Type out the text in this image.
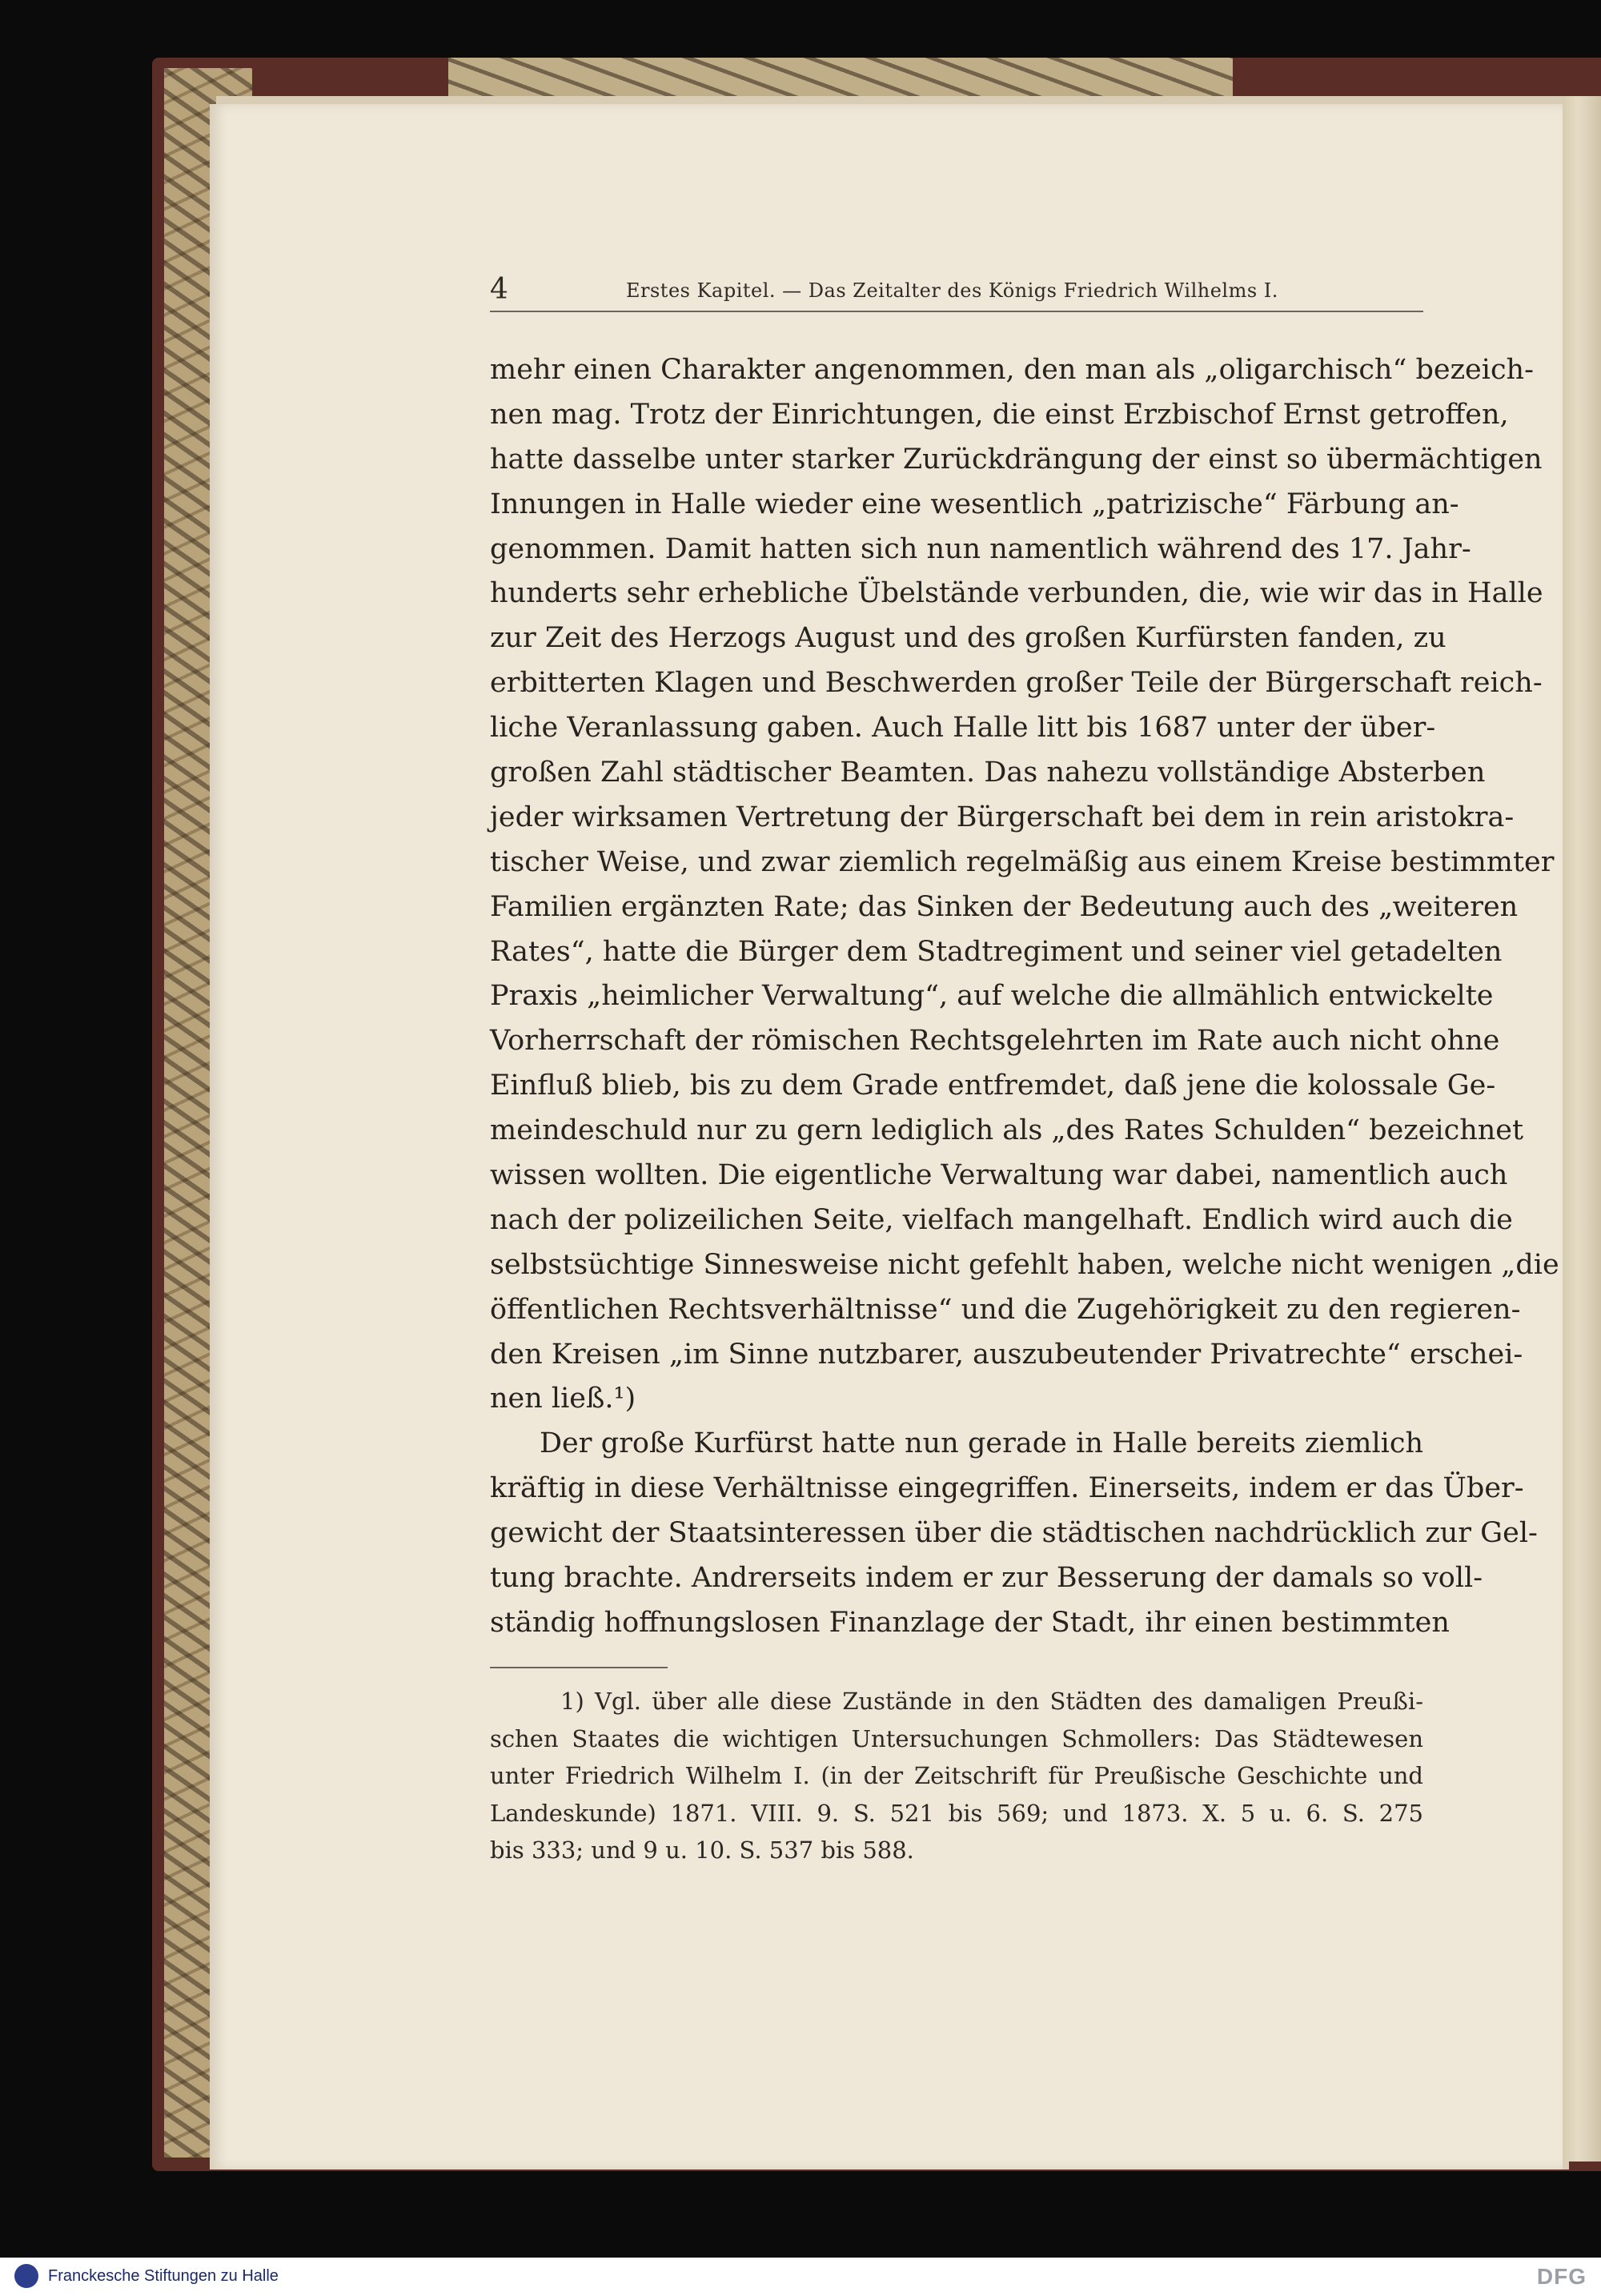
4	Erstes Kapitel. — Das Zeitalter des Königs Friedrich Wilhelms I.
mehr einen Charakter angenommen, den man als „oligarchisch“ bezeich-
nen mag. Trotz der Einrichtungen, die einst Erzbischof Ernst getroffen,
hatte dasselbe unter starker Zurückdrängung der einst so übermächtigen
Innungen in Halle wieder eine wesentlich „patrizische“ Färbung an-
genommen. Damit hatten sich nun namentlich während des 17. Jahr-
hunderts sehr erhebliche Übelstände verbunden, die, wie wir das in Halle
zur Zeit des Herzogs August und des großen Kurfürsten fanden, zu
erbitterten Klagen und Beschwerden großer Teile der Bürgerschaft reich-
liche Veranlassung gaben. Auch Halle litt bis 1687 unter der über-
großen Zahl städtischer Beamten. Das nahezu vollständige Absterben
jeder wirksamen Vertretung der Bürgerschaft bei dem in rein aristokra-
tischer Weise, und zwar ziemlich regelmäßig aus einem Kreise bestimmter
Familien ergänzten Rate; das Sinken der Bedeutung auch des „weiteren
Rates“, hatte die Bürger dem Stadtregiment und seiner viel getadelten
Praxis „heimlicher Verwaltung“, auf welche die allmählich entwickelte
Vorherrschaft der römischen Rechtsgelehrten im Rate auch nicht ohne
Einfluß blieb, bis zu dem Grade entfremdet, daß jene die kolossale Ge-
meindeschuld nur zu gern lediglich als „des Rates Schulden“ bezeichnet
wissen wollten. Die eigentliche Verwaltung war dabei, namentlich auch
nach der polizeilichen Seite, vielfach mangelhaft. Endlich wird auch die
selbstsüchtige Sinnesweise nicht gefehlt haben, welche nicht wenigen „die
öffentlichen Rechtsverhältnisse“ und die Zugehörigkeit zu den regieren-
den Kreisen „im Sinne nutzbarer, auszubeutender Privatrechte“ erschei-
nen ließ.¹)
Der große Kurfürst hatte nun gerade in Halle bereits ziemlich
kräftig in diese Verhältnisse eingegriffen. Einerseits, indem er das Über-
gewicht der Staatsinteressen über die städtischen nachdrücklich zur Gel-
tung brachte. Andrerseits indem er zur Besserung der damals so voll-
ständig hoffnungslosen Finanzlage der Stadt, ihr einen bestimmten
1) Vgl. über alle diese Zustände in den Städten des damaligen Preußi-
schen Staates die wichtigen Untersuchungen Schmollers: Das Städtewesen
unter Friedrich Wilhelm I. (in der Zeitschrift für Preußische Geschichte und
Landeskunde) 1871. VIII. 9. S. 521 bis 569; und 1873. X. 5 u. 6. S. 275
bis 333; und 9 u. 10. S. 537 bis 588.
Franckesche Stiftungen zu Halle	DFG
